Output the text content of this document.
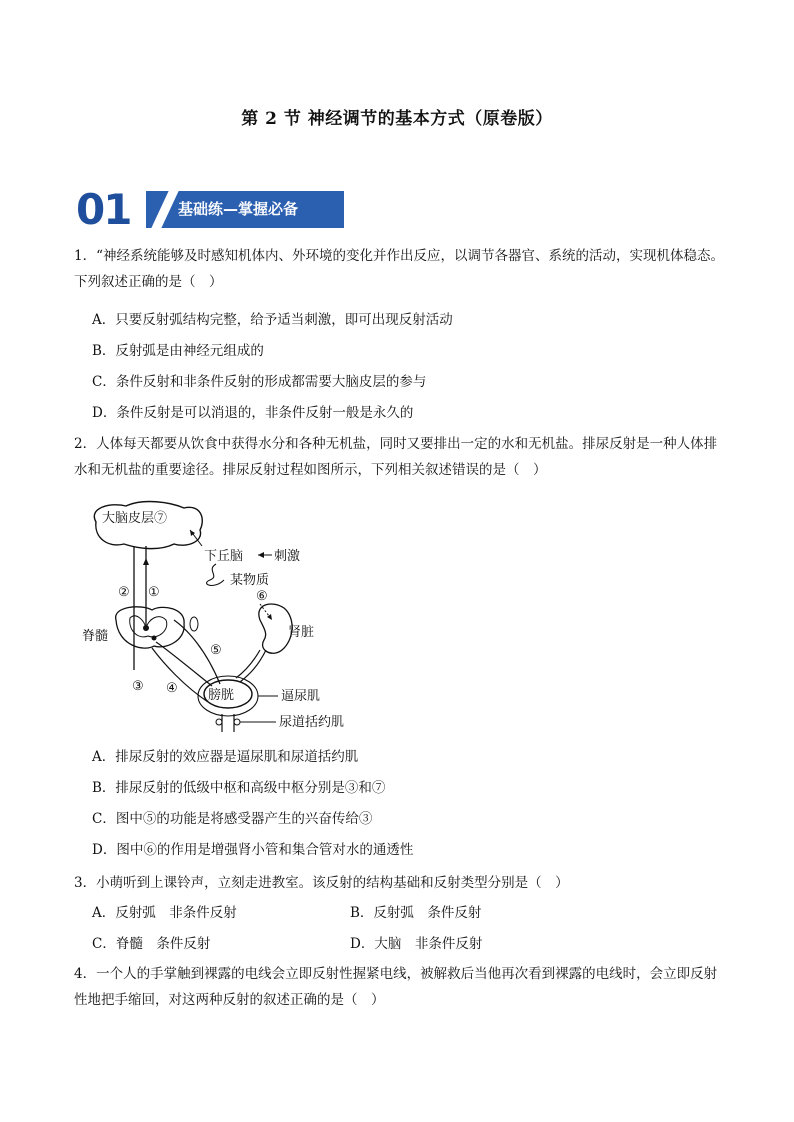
第 2 节 神经调节的基本方式（原卷版）
01	基础练—掌握必备
1．“神经系统能够及时感知机体内、外环境的变化并作出反应，以调节各器官、系统的活动，实现机体稳态。下列叙述正确的是（　）
A．只要反射弧结构完整，给予适当刺激，即可出现反射活动
B．反射弧是由神经元组成的
C．条件反射和非条件反射的形成都需要大脑皮层的参与
D．条件反射是可以消退的，非条件反射一般是永久的
2．人体每天都要从饮食中获得水分和各种无机盐，同时又要排出一定的水和无机盐。排尿反射是一种人体排水和无机盐的重要途径。排尿反射过程如图所示，下列相关叙述错误的是（　）
大脑皮层⑦
② ①
下丘脑 刺激
某物质
⑥
肾脏
脊髓
⑤
③ ④ 膀胱	逼尿肌
尿道括约肌
A．排尿反射的效应器是逼尿肌和尿道括约肌
B．排尿反射的低级中枢和高级中枢分别是③和⑦
C．图中⑤的功能是将感受器产生的兴奋传给③
D．图中⑥的作用是增强肾小管和集合管对水的通透性
3．小萌听到上课铃声，立刻走进教室。该反射的结构基础和反射类型分别是（　）
A．反射弧　非条件反射	B．反射弧　条件反射
C．脊髓　条件反射	D．大脑　非条件反射
4．一个人的手掌触到裸露的电线会立即反射性握紧电线，被解救后当他再次看到裸露的电线时，会立即反射性地把手缩回，对这两种反射的叙述正确的是（　）
